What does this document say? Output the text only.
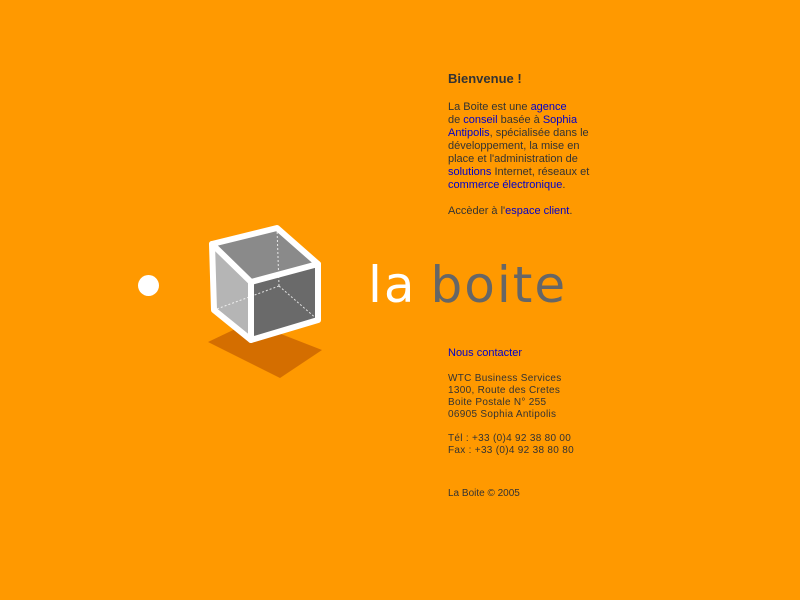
Bienvenue !

La Boite est une agence
de conseil basée à Sophia Antipolis, spécialisée dans le développement, la mise en place et l'administration de solutions Internet, réseaux et commerce électronique.

Accèder à l'espace client.

la boite
Nous contacter
WTC Business Services
1300, Route des Cretes
Boite Postale N° 255
06905 Sophia Antipolis
Tél : +33 (0)4 92 38 80 00
Fax : +33 (0)4 92 38 80 80
La Boite © 2005
